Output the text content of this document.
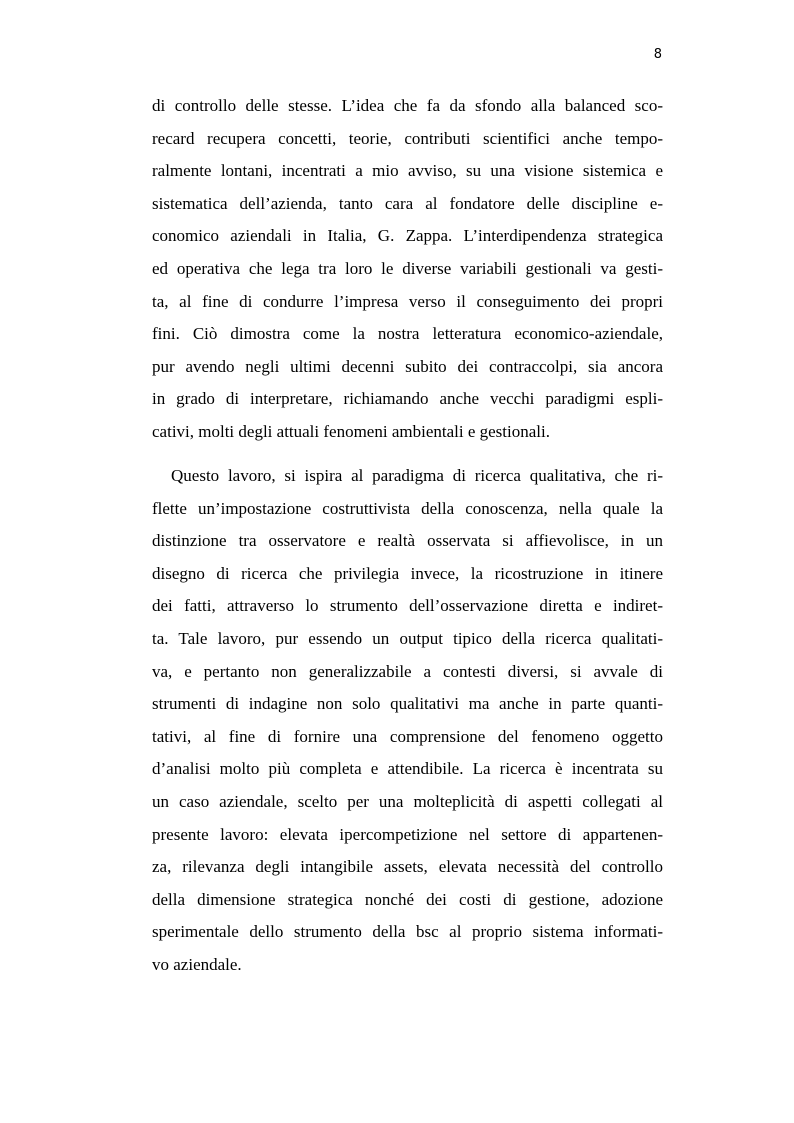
8
di controllo delle stesse. L’idea che fa da sfondo alla balanced sco-
recard recupera concetti, teorie, contributi scientifici anche tempo-
ralmente lontani, incentrati a mio avviso, su una visione sistemica e
sistematica dell’azienda, tanto cara al fondatore delle discipline e-
conomico aziendali in Italia, G. Zappa. L’interdipendenza strategica
ed operativa che lega tra loro le diverse variabili gestionali va gesti-
ta, al fine di condurre l’impresa verso il conseguimento dei propri
fini. Ciò dimostra come la nostra letteratura economico-aziendale,
pur avendo negli ultimi decenni subito dei contraccolpi, sia ancora
in grado di interpretare, richiamando anche vecchi paradigmi espli-
cativi, molti degli attuali fenomeni ambientali e gestionali.
Questo lavoro, si ispira al paradigma di ricerca qualitativa, che ri-
flette un’impostazione costruttivista della conoscenza, nella quale la
distinzione tra osservatore e realtà osservata si affievolisce, in un
disegno di ricerca che privilegia invece, la ricostruzione in itinere
dei fatti, attraverso lo strumento dell’osservazione diretta e indiret-
ta. Tale lavoro, pur essendo un output tipico della ricerca qualitati-
va, e pertanto non generalizzabile a contesti diversi, si avvale di
strumenti di indagine non solo qualitativi ma anche in parte quanti-
tativi, al fine di fornire una comprensione del fenomeno oggetto
d’analisi molto più completa e attendibile. La ricerca è incentrata su
un caso aziendale, scelto per una molteplicità di aspetti collegati al
presente lavoro: elevata ipercompetizione nel settore di appartenen-
za, rilevanza degli intangibile assets, elevata necessità del controllo
della dimensione strategica nonché dei costi di gestione, adozione
sperimentale dello strumento della bsc al proprio sistema informati-
vo aziendale.
